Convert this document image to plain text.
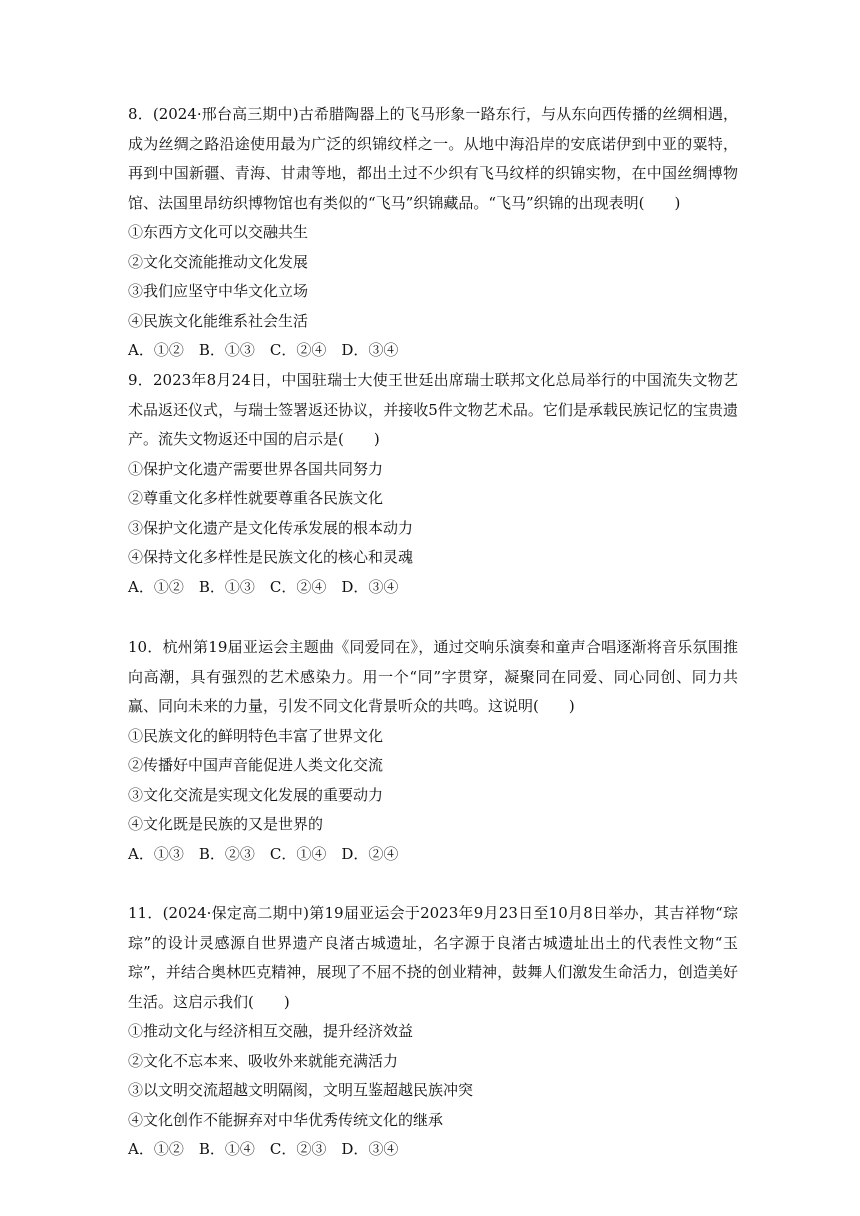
8．(2024·邢台高三期中)古希腊陶器上的飞马形象一路东行，与从东向西传播的丝绸相遇，成为丝绸之路沿途使用最为广泛的织锦纹样之一。从地中海沿岸的安底诺伊到中亚的粟特，再到中国新疆、青海、甘肃等地，都出土过不少织有飞马纹样的织锦实物，在中国丝绸博物馆、法国里昂纺织博物馆也有类似的“飞马”织锦藏品。“飞马”织锦的出现表明(　　)

①东西方文化可以交融共生

②文化交流能推动文化发展

③我们应坚守中华文化立场

④民族文化能维系社会生活

A．①②　B．①③　C．②④　D．③④

9．2023年8月24日，中国驻瑞士大使王世廷出席瑞士联邦文化总局举行的中国流失文物艺术品返还仪式，与瑞士签署返还协议，并接收5件文物艺术品。它们是承载民族记忆的宝贵遗产。流失文物返还中国的启示是(　　)

①保护文化遗产需要世界各国共同努力

②尊重文化多样性就要尊重各民族文化

③保护文化遗产是文化传承发展的根本动力

④保持文化多样性是民族文化的核心和灵魂

A．①②　B．①③　C．②④　D．③④

10．杭州第19届亚运会主题曲《同爱同在》，通过交响乐演奏和童声合唱逐渐将音乐氛围推向高潮，具有强烈的艺术感染力。用一个“同”字贯穿，凝聚同在同爱、同心同创、同力共赢、同向未来的力量，引发不同文化背景听众的共鸣。这说明(　　)

①民族文化的鲜明特色丰富了世界文化

②传播好中国声音能促进人类文化交流

③文化交流是实现文化发展的重要动力

④文化既是民族的又是世界的

A．①③　B．②③　C．①④　D．②④

11．(2024·保定高二期中)第19届亚运会于2023年9月23日至10月8日举办，其吉祥物“琮琮”的设计灵感源自世界遗产良渚古城遗址，名字源于良渚古城遗址出土的代表性文物“玉琮”，并结合奥林匹克精神，展现了不屈不挠的创业精神，鼓舞人们激发生命活力，创造美好生活。这启示我们(　　)

①推动文化与经济相互交融，提升经济效益

②文化不忘本来、吸收外来就能充满活力

③以文明交流超越文明隔阂，文明互鉴超越民族冲突

④文化创作不能摒弃对中华优秀传统文化的继承

A．①②　B．①④　C．②③　D．③④
